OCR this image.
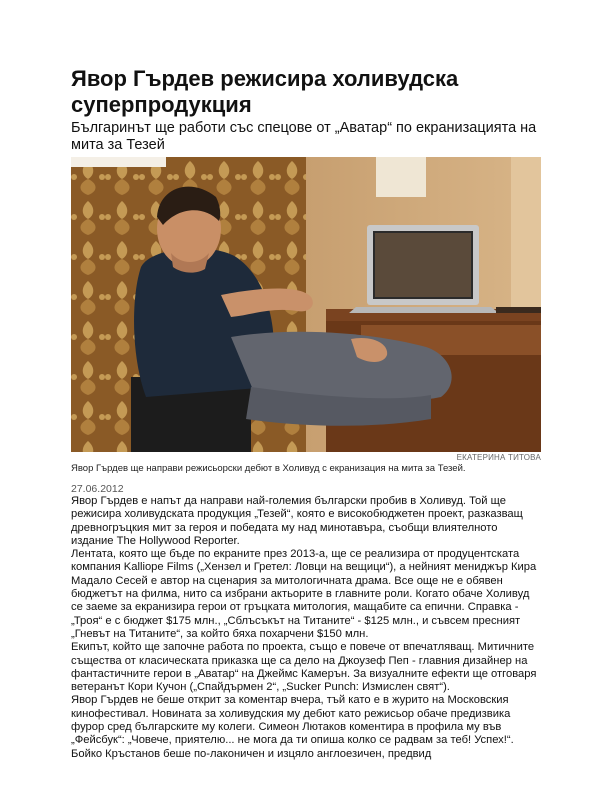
Явор Гърдев режисира холивудска суперпродукция

Българинът ще работи със спецове от „Аватар“ по екранизацията на мита за Тезей

ЕКАТЕРИНА ТИТОВА
Явор Гърдев ще направи режисьорски дебют в Холивуд с екранизация на мита за Тезей.
27.06.2012

Явор Гърдев е напът да направи най-големия български пробив в Холивуд. Той ще режисира холивудската продукция „Тезей“, която е високобюджетен проект, разказващ древногръцкия мит за героя и победата му над минотавъра, съобщи влиятелното издание The Hollywood Reporter.

Лентата, която ще бъде по екраните през 2013-а, ще се реализира от продуцентската компания Kalliope Films („Хензел и Гретел: Ловци на вещици“), а нейният мениджър Кира Мадало Сесей е автор на сценария за митологичната драма. Все още не е обявен бюджетът на филма, нито са избрани актьорите в главните роли. Когато обаче Холивуд се заеме за екранизира герои от гръцката митология, мащабите са епични. Справка - „Троя“ е с бюджет $175 млн., „Сблъсъкът на Титаните“ - $125 млн., и съвсем пресният „Гневът на Титаните“, за който бяха похарчени $150 млн.

Екипът, който ще започне работа по проекта, също е повече от впечатляващ. Митичните същества от класическата приказка ще са дело на Джоузеф Пеп - главния дизайнер на фантастичните герои в „Аватар“ на Джеймс Камерън. За визуалните ефекти ще отговаря ветеранът Кори Кучон („Спайдърмен 2“, „Sucker Punch: Измислен свят“).

Явор Гърдев не беше открит за коментар вчера, тъй като е в журито на Московския кинофестивал. Новината за холивудския му дебют като режисьор обаче предизвика фурор сред българските му колеги. Симеон Лютаков коментира в профила му във „Фейсбук“: „Човече, приятелю... не мога да ти опиша колко се радвам за теб! Успех!“. Бойко Кръстанов беше по-лаконичен и изцяло англоезичен, предвид
